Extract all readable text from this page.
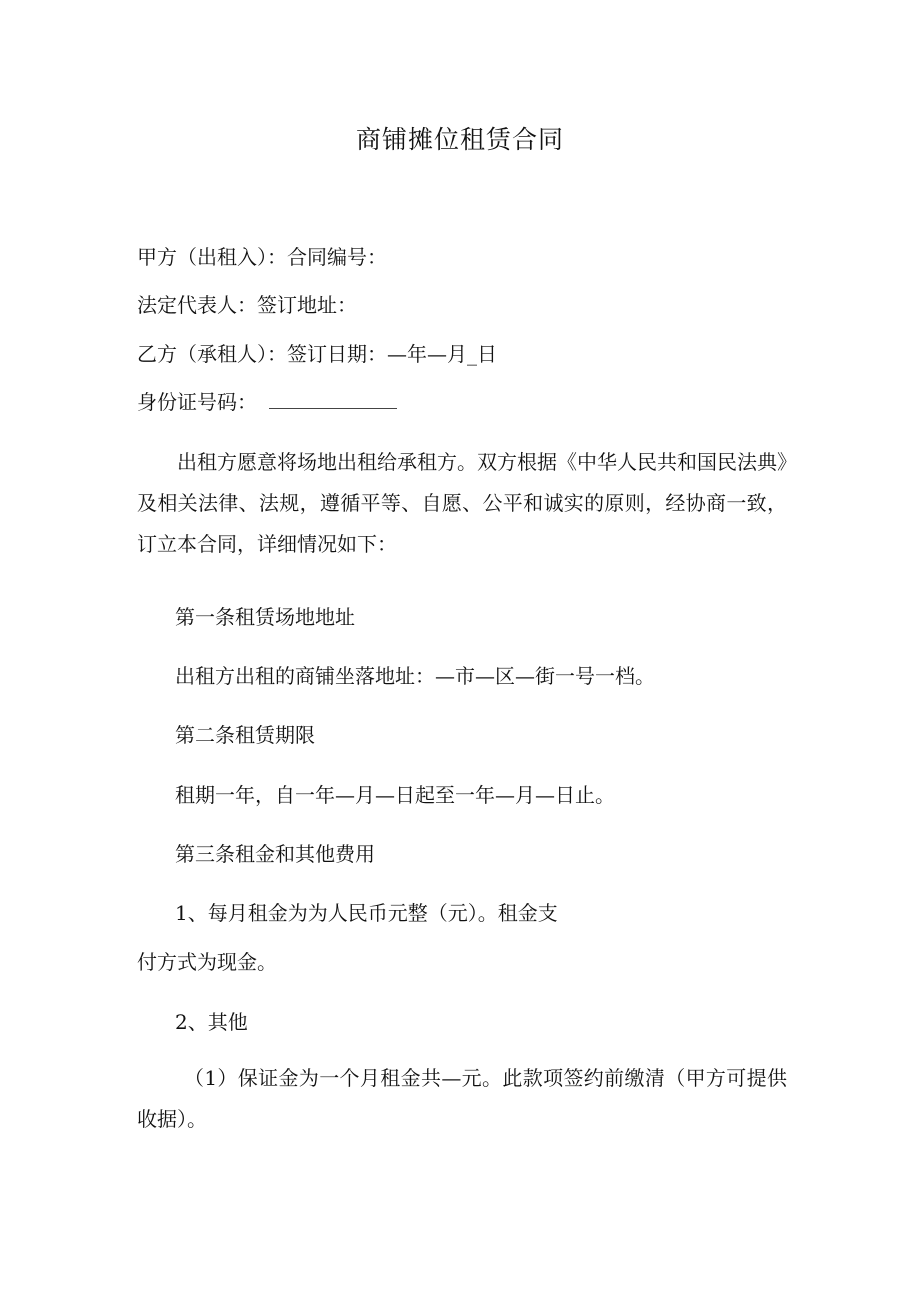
商铺摊位租赁合同
甲方（出租入）：合同编号：
法定代表人：签订地址：
乙方（承租人）：签订日期：—年—月_日
身份证号码：
出租方愿意将场地出租给承租方。双方根据《中华人民共和国民法典》及相关法律、法规，遵循平等、自愿、公平和诚实的原则，经协商一致，订立本合同，详细情况如下：
第一条租赁场地地址
出租方出租的商铺坐落地址：—市—区—街一号一档。
第二条租赁期限
租期一年，自一年—月—日起至一年—月—日止。
第三条租金和其他费用
1、每月租金为为人民币元整（元）。租金支
付方式为现金。
2、其他
（1）保证金为一个月租金共—元。此款项签约前缴清（甲方可提供收据）。
